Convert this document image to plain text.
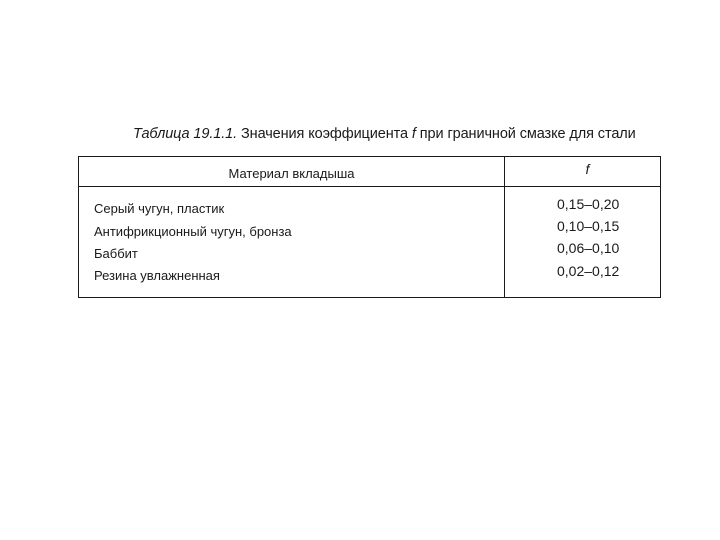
Таблица 19.1.1. Значения коэффициента f при граничной смазке для стали
Материал вкладыша	f
Серый чугун, пластик
Антифрикционный чугун, бронза
Баббит
Резина увлажненная
0,15–0,20
0,10–0,15
0,06–0,10
0,02–0,12
